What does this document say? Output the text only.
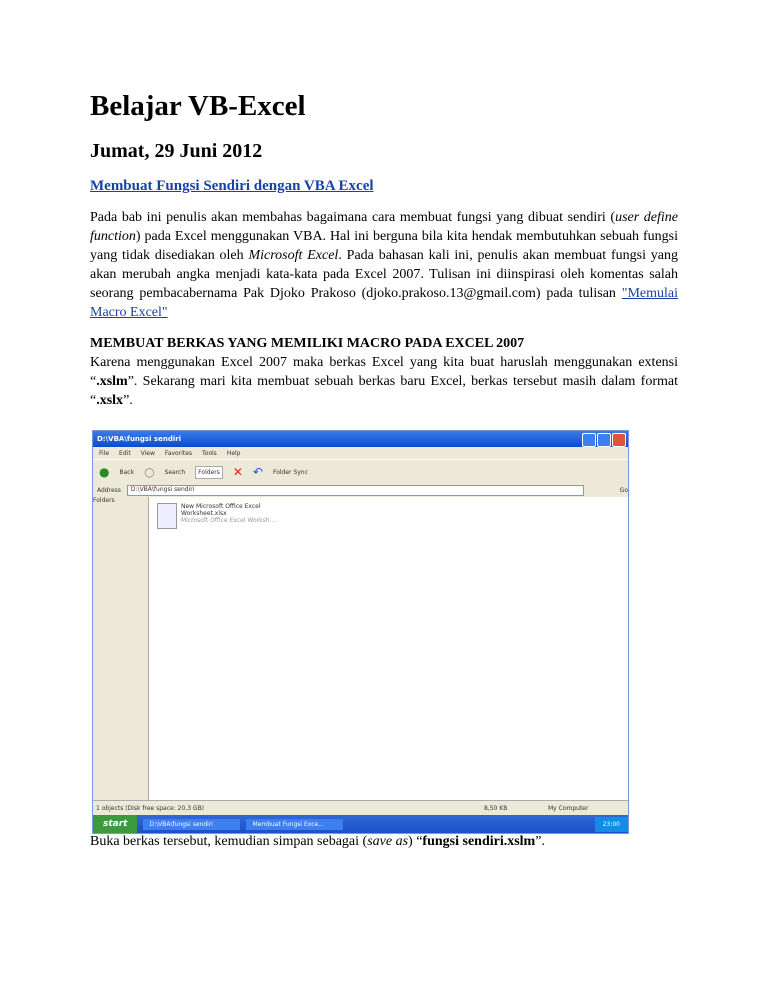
Belajar VB-Excel
Jumat, 29 Juni 2012
Membuat Fungsi Sendiri dengan VBA Excel

Pada bab ini penulis akan membahas bagaimana cara membuat fungsi yang dibuat sendiri (user define function) pada Excel menggunakan VBA. Hal ini berguna bila kita hendak membutuhkan sebuah fungsi yang tidak disediakan oleh Microsoft Excel. Pada bahasan kali ini, penulis akan membuat fungsi yang akan merubah angka menjadi kata-kata pada Excel 2007. Tulisan ini diinspirasi oleh komentas salah seorang pembacabernama Pak Djoko Prakoso (djoko.prakoso.13@gmail.com) pada tulisan "Memulai Macro Excel"

MEMBUAT BERKAS YANG MEMILIKI MACRO PADA EXCEL 2007

Karena menggunakan Excel 2007 maka berkas Excel yang kita buat haruslah menggunakan extensi “.xslm”. Sekarang mari kita membuat sebuah berkas baru Excel, berkas tersebut masih dalam format “.xslx”.

D:\VBA\fungsi sendiri
File Edit View Favorites Tools Help
● Back ○ Search	Folders ✕ ↶ Folder Sync
Address	D:\VBA\fungsi sendiri	Go
Folders
New Microsoft Office Excel
Worksheet.xlsx
Microsoft Office Excel Worksh...
1 objects (Disk free space: 20,3 GB)	8,50 KB	My Computer
start	D:\VBA\fungsi sendiri	Membuat Fungsi Exce...	23:00
Buka berkas tersebut, kemudian simpan sebagai (save as) “fungsi sendiri.xslm”.
